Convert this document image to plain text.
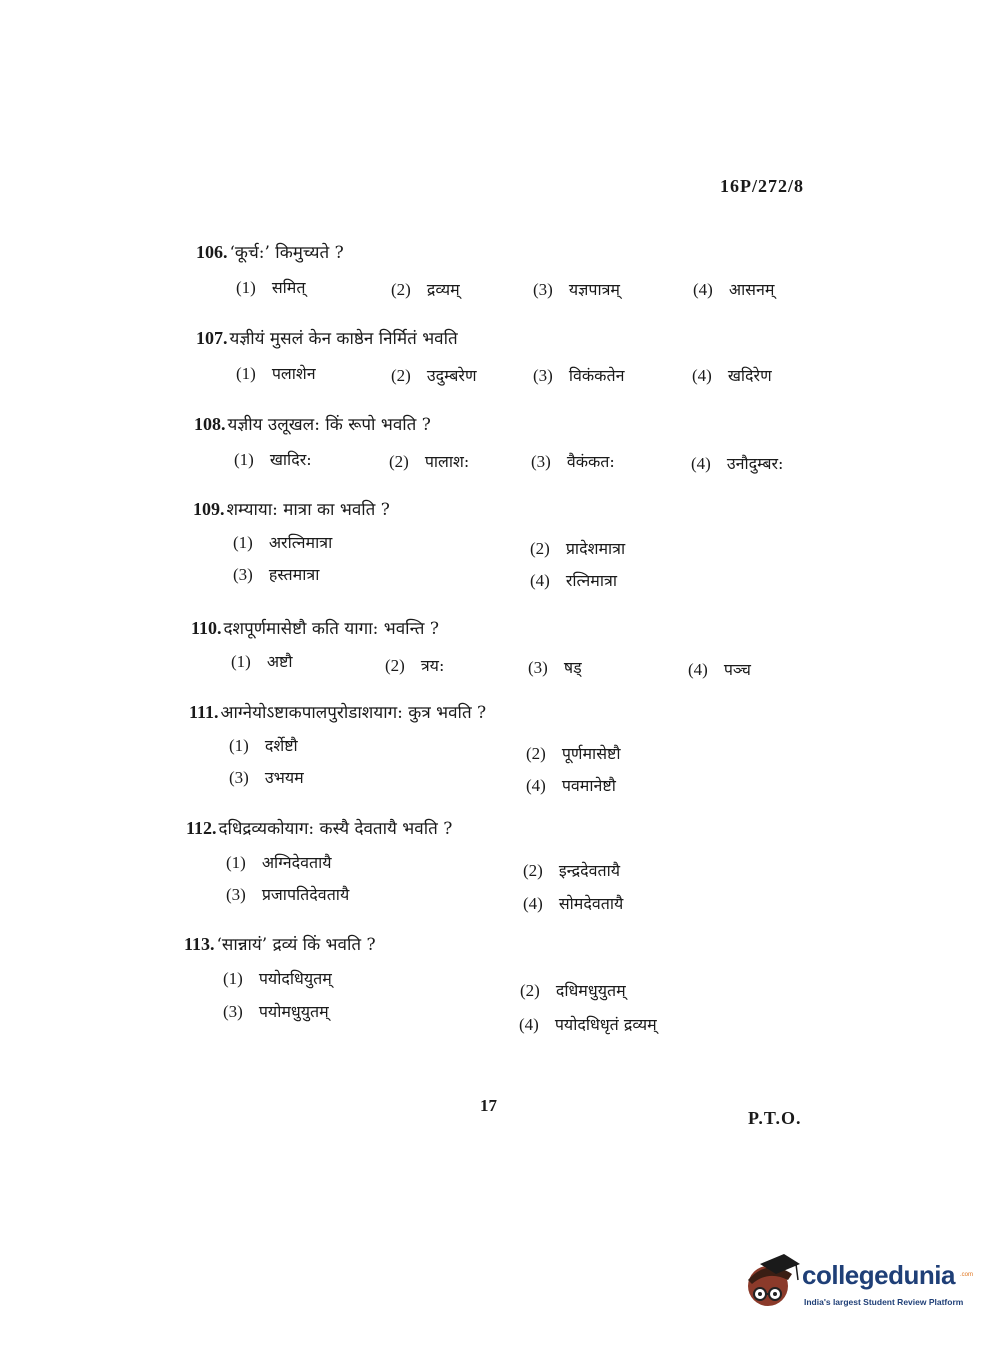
16P/272/8
106. ‘कूर्च:’ किमुच्यते ?
(1) समित्	(2) द्रव्यम्	(3) यज्ञपात्रम्	(4) आसनम्
107. यज्ञीयं मुसलं केन काष्ठेन निर्मितं भवति
(1) पलाशेन	(2) उदुम्बरेण	(3) विकंकतेन	(4) खदिरेण
108. यज्ञीय उलूखल: किं रूपो भवति ?
(1) खादिर:	(2) पालाश:	(3) वैकंकत:	(4) उनौदुम्बर:
109. शम्याया: मात्रा का भवति ?
(1) अरत्निमात्रा	(2) प्रादेशमात्रा
(3) हस्तमात्रा	(4) रत्निमात्रा
110. दशपूर्णमासेष्टौ कति यागा: भवन्ति ?
(1) अष्टौ	(2) त्रय:	(3) षड्	(4) पञ्च
111. आग्नेयोऽष्टाकपालपुरोडाशयाग: कुत्र भवति ?
(1) दर्शेष्टौ	(2) पूर्णमासेष्टौ
(3) उभयम	(4) पवमानेष्टौ
112. दधिद्रव्यकोयाग: कस्यै देवतायै भवति ?
(1) अग्निदेवतायै	(2) इन्द्रदेवतायै
(3) प्रजापतिदेवतायै	(4) सोमदेवतायै
113. ‘सान्नायं’ द्रव्यं किं भवति ?
(1) पयोदधियुतम्
(2) दधिमधुयुतम्
(3) पयोमधुयुतम्
(4) पयोदधिधृतं द्रव्यम्
17
P.T.O.
collegedunia .com
India's largest Student Review Platform
